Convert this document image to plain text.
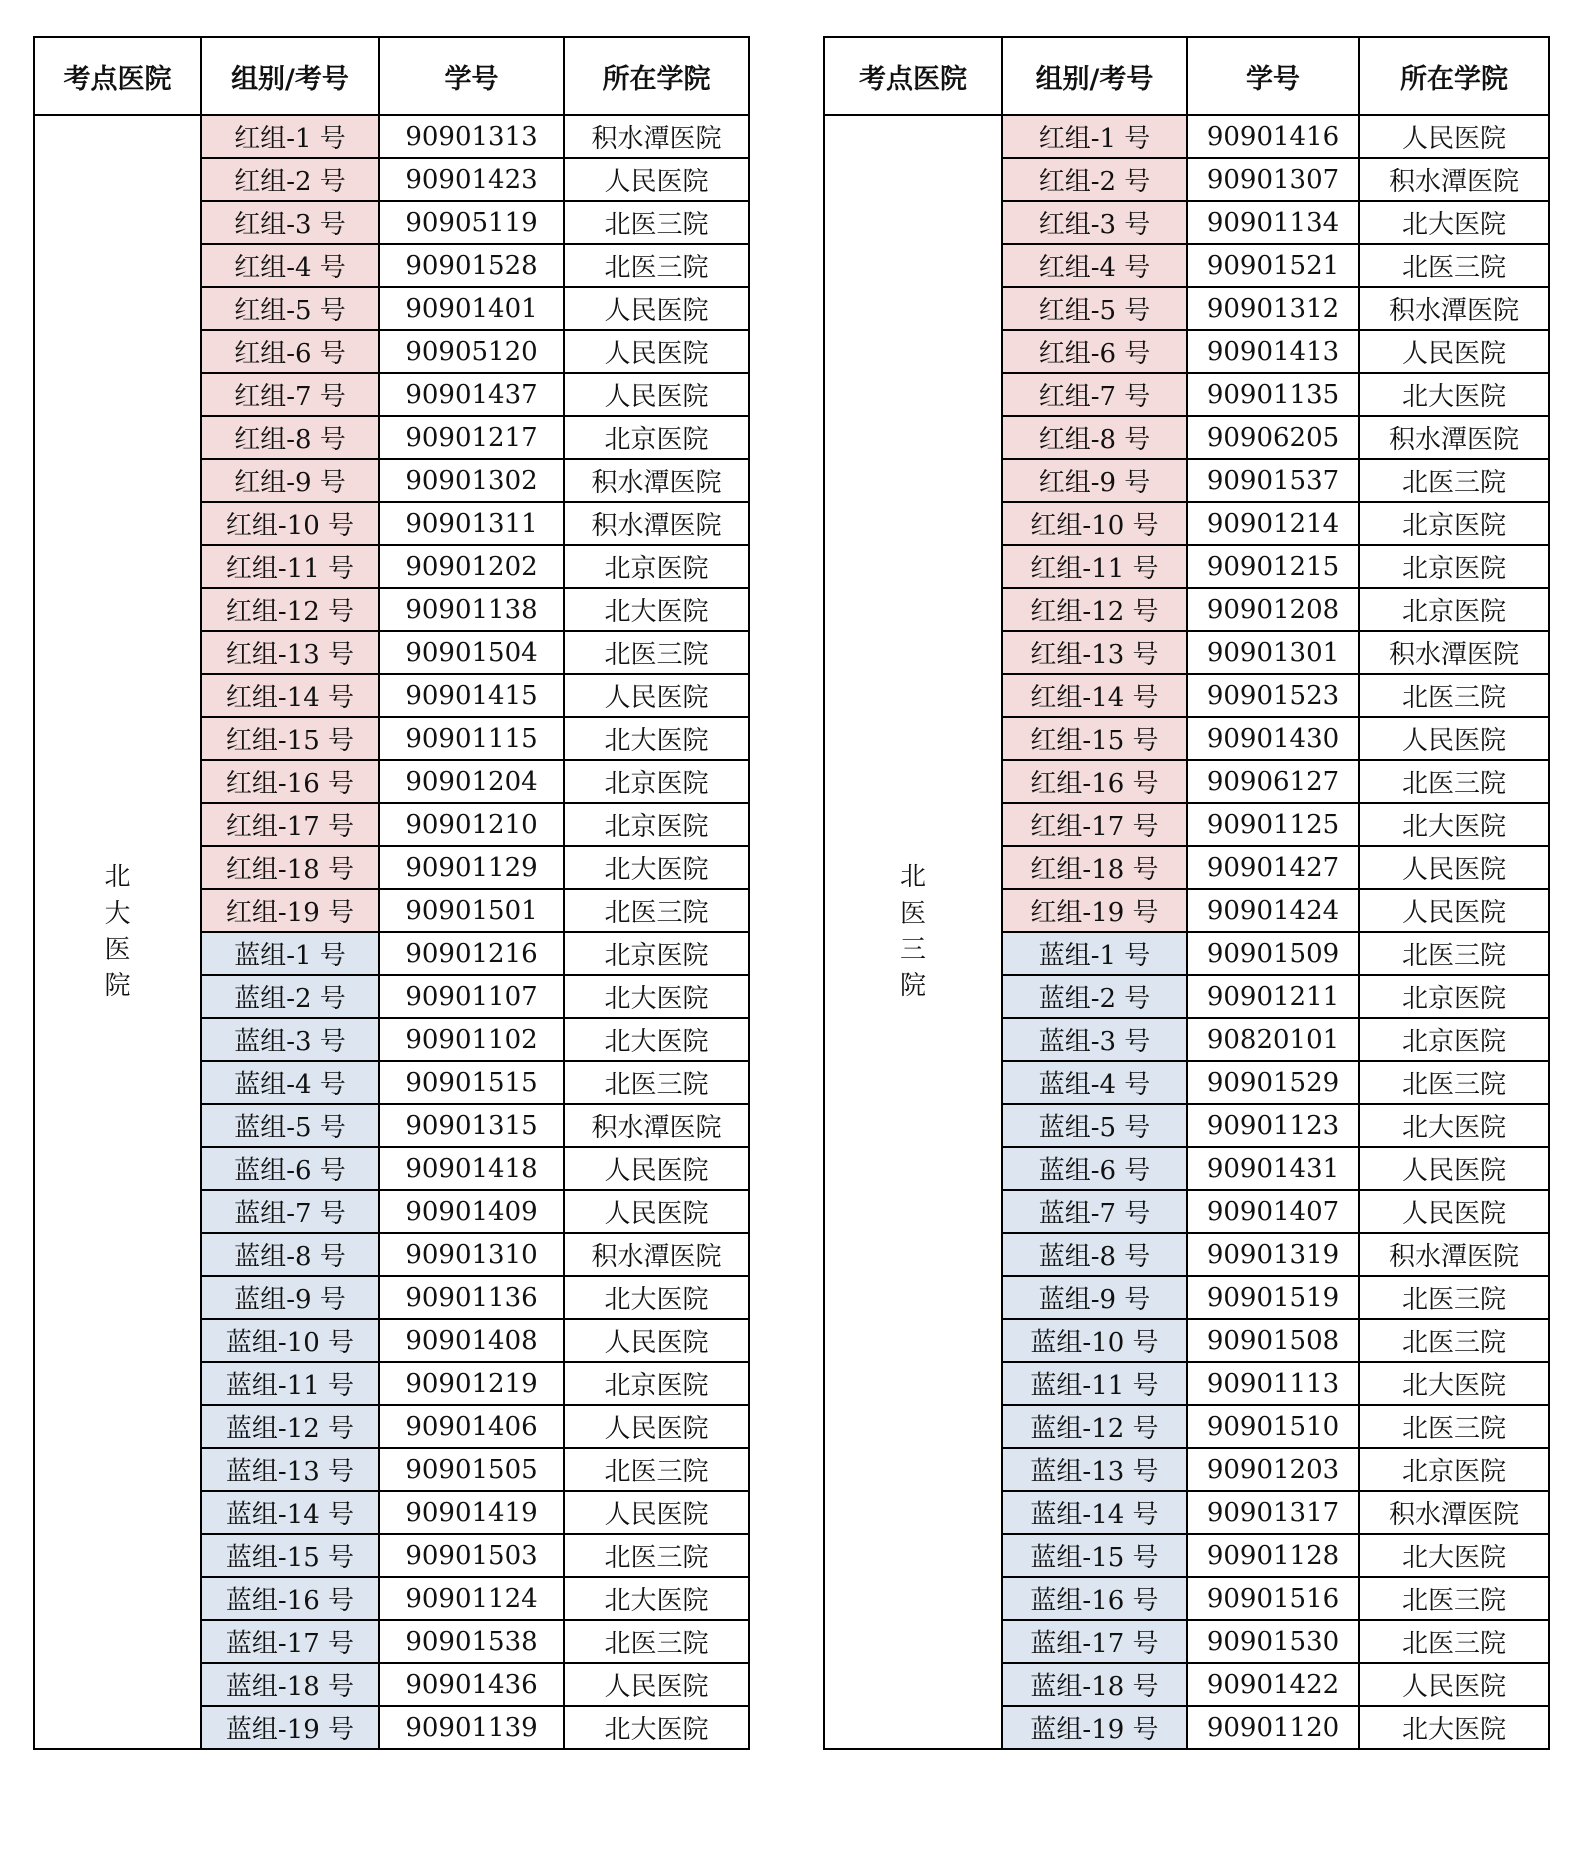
考点医院	组别/考号	学号	所在学院

北
大
医
院	红组-1 号	90901313	积水潭医院
	红组-2 号	90901423	人民医院
	红组-3 号	90905119	北医三院
	红组-4 号	90901528	北医三院
	红组-5 号	90901401	人民医院
	红组-6 号	90905120	人民医院
	红组-7 号	90901437	人民医院
	红组-8 号	90901217	北京医院
	红组-9 号	90901302	积水潭医院
	红组-10 号	90901311	积水潭医院
	红组-11 号	90901202	北京医院
	红组-12 号	90901138	北大医院
	红组-13 号	90901504	北医三院
	红组-14 号	90901415	人民医院
	红组-15 号	90901115	北大医院
	红组-16 号	90901204	北京医院
	红组-17 号	90901210	北京医院
	红组-18 号	90901129	北大医院
	红组-19 号	90901501	北医三院
	蓝组-1 号	90901216	北京医院
	蓝组-2 号	90901107	北大医院
	蓝组-3 号	90901102	北大医院
	蓝组-4 号	90901515	北医三院
	蓝组-5 号	90901315	积水潭医院
	蓝组-6 号	90901418	人民医院
	蓝组-7 号	90901409	人民医院
	蓝组-8 号	90901310	积水潭医院
	蓝组-9 号	90901136	北大医院
	蓝组-10 号	90901408	人民医院
	蓝组-11 号	90901219	北京医院
	蓝组-12 号	90901406	人民医院
	蓝组-13 号	90901505	北医三院
	蓝组-14 号	90901419	人民医院
	蓝组-15 号	90901503	北医三院
	蓝组-16 号	90901124	北大医院
	蓝组-17 号	90901538	北医三院
	蓝组-18 号	90901436	人民医院
	蓝组-19 号	90901139	北大医院
考点医院	组别/考号	学号	所在学院

北
医
三
院	红组-1 号	90901416	人民医院
	红组-2 号	90901307	积水潭医院
	红组-3 号	90901134	北大医院
	红组-4 号	90901521	北医三院
	红组-5 号	90901312	积水潭医院
	红组-6 号	90901413	人民医院
	红组-7 号	90901135	北大医院
	红组-8 号	90906205	积水潭医院
	红组-9 号	90901537	北医三院
	红组-10 号	90901214	北京医院
	红组-11 号	90901215	北京医院
	红组-12 号	90901208	北京医院
	红组-13 号	90901301	积水潭医院
	红组-14 号	90901523	北医三院
	红组-15 号	90901430	人民医院
	红组-16 号	90906127	北医三院
	红组-17 号	90901125	北大医院
	红组-18 号	90901427	人民医院
	红组-19 号	90901424	人民医院
	蓝组-1 号	90901509	北医三院
	蓝组-2 号	90901211	北京医院
	蓝组-3 号	90820101	北京医院
	蓝组-4 号	90901529	北医三院
	蓝组-5 号	90901123	北大医院
	蓝组-6 号	90901431	人民医院
	蓝组-7 号	90901407	人民医院
	蓝组-8 号	90901319	积水潭医院
	蓝组-9 号	90901519	北医三院
	蓝组-10 号	90901508	北医三院
	蓝组-11 号	90901113	北大医院
	蓝组-12 号	90901510	北医三院
	蓝组-13 号	90901203	北京医院
	蓝组-14 号	90901317	积水潭医院
	蓝组-15 号	90901128	北大医院
	蓝组-16 号	90901516	北医三院
	蓝组-17 号	90901530	北医三院
	蓝组-18 号	90901422	人民医院
	蓝组-19 号	90901120	北大医院
